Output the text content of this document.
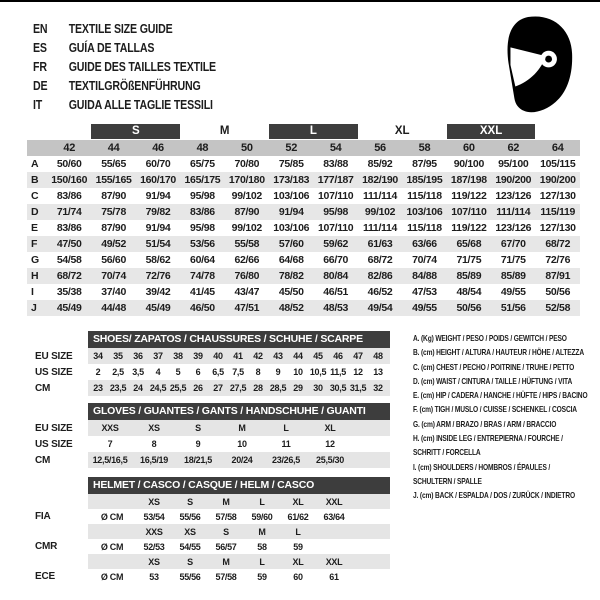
EN	TEXTILE SIZE GUIDE
ES	GUÍA DE TALLAS
FR	GUIDE DES TAILLES TEXTILE
DE	TEXTILGRÖßENFÜHRUNG
IT	GUIDA ALLE TAGLIE TESSILI

		S		M		L		XL		XXL		

	42	44	46	48	50	52	54	56	58	60	62	64
A	50/60	55/65	60/70	65/75	70/80	75/85	83/88	85/92	87/95	90/100	95/100	105/115
B	150/160	155/165	160/170	165/175	170/180	173/183	177/187	182/190	185/195	187/198	190/200	190/200
C	83/86	87/90	91/94	95/98	99/102	103/106	107/110	111/114	115/118	119/122	123/126	127/130
D	71/74	75/78	79/82	83/86	87/90	91/94	95/98	99/102	103/106	107/110	111/114	115/119
E	83/86	87/90	91/94	95/98	99/102	103/106	107/110	111/114	115/118	119/122	123/126	127/130
F	47/50	49/52	51/54	53/56	55/58	57/60	59/62	61/63	63/66	65/68	67/70	68/72
G	54/58	56/60	58/62	60/64	62/66	64/68	66/70	68/72	70/74	71/75	71/75	72/76
H	68/72	70/74	72/76	74/78	76/80	78/82	80/84	82/86	84/88	85/89	85/89	87/91
I	35/38	37/40	39/42	41/45	43/47	45/50	46/51	46/52	47/53	48/54	49/55	50/56
J	45/49	44/48	45/49	46/50	47/51	48/52	48/53	49/54	49/55	50/56	51/56	52/58

	SHOES/ ZAPATOS / CHAUSSURES / SCHUHE / SCARPE															

EU SIZE	34	35	36	37	38	39	40	41	42	43	44	45	46	47	48	
US SIZE	2	2,5	3,5	4	5	6	6,5	7,5	8	9	10	10,5	11,5	12	13	
CM	23	23,5	24	24,5	25,5	26	27	27,5	28	28,5	29	30	30,5	31,5	32	

	GLOVES / GUANTES / GANTS / HANDSCHUHE / GUANTI						

EU SIZE	XXS	XS	S	M	L	XL	
US SIZE	7	8	9	10	11	12	
CM	12,5/16,5	16,5/19	18/21,5	20/24	23/26,5	25,5/30	

	HELMET / CASCO / CASQUE / HELM / CASCO							

		XS	S	M	L	XL	XXL	
FIA	Ø CM	53/54	55/56	57/58	59/60	61/62	63/64	
		XXS	XS	S	M	L		
CMR	Ø CM	52/53	54/55	56/57	58	59		
		XS	S	M	L	XL	XXL	
ECE	Ø CM	53	55/56	57/58	59	60	61	
A. (Kg) WEIGHT / PESO / POIDS / GEWITCH / PESO
B. (cm) HEIGHT / ALTURA / HAUTEUR / HÖHE / ALTEZZA
C. (cm) CHEST / PECHO / POITRINE / TRUHE / PETTO
D. (cm) WAIST / CINTURA / TAILLE / HÜFTUNG / VITA
E. (cm) HIP / CADERA / HANCHE / HÜFTE / HIPS / BACINO
F. (cm) TIGH / MUSLO / CUISSE / SCHENKEL / COSCIA
G. (cm) ARM / BRAZO / BRAS / ARM / BRACCIO
H. (cm) INSIDE LEG / ENTREPIERNA / FOURCHE /
SCHRITT / FORCELLA
I. (cm) SHOULDERS / HOMBROS / ÉPAULES /
SCHULTERN / SPALLE
J. (cm) BACK / ESPALDA / DOS / ZURÜCK / INDIETRO
